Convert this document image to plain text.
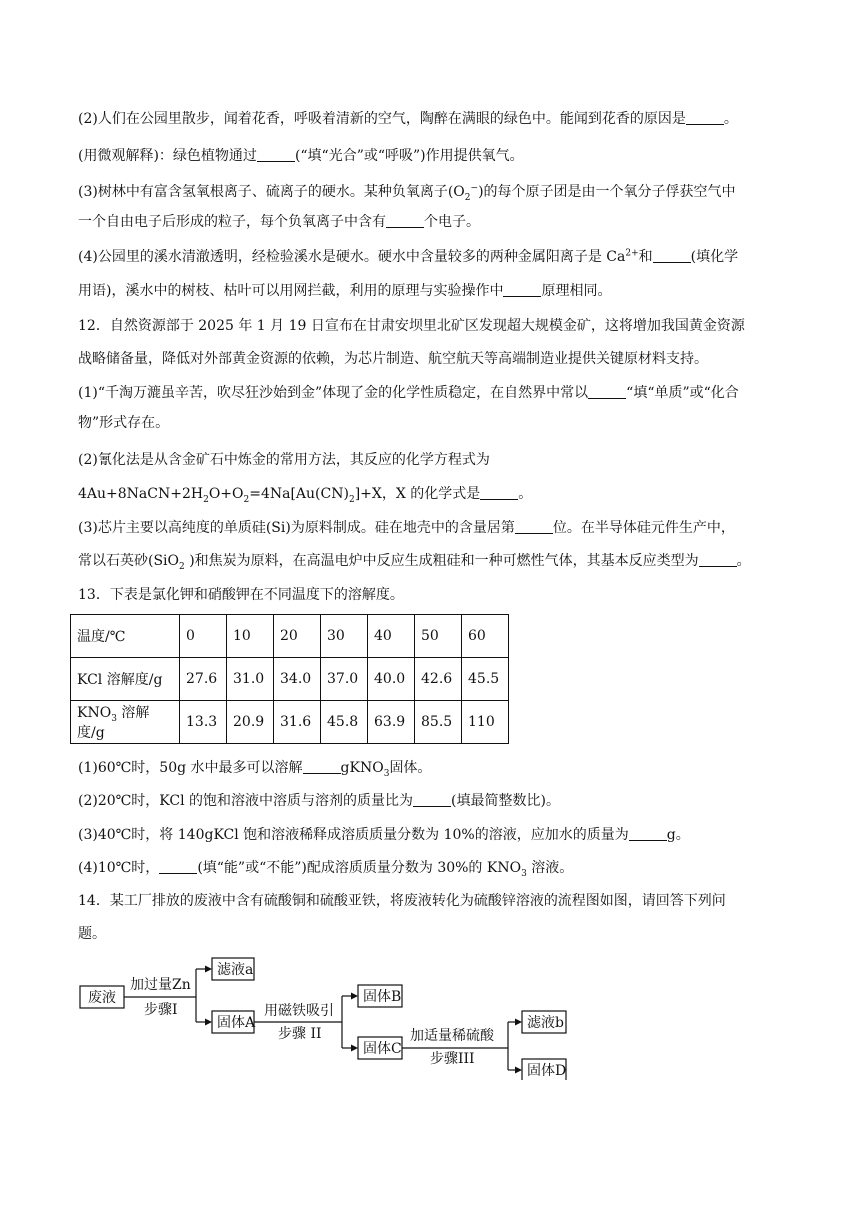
(2)人们在公园里散步，闻着花香，呼吸着清新的空气，陶醉在满眼的绿色中。能闻到花香的原因是	。
(用微观解释)：绿色植物通过	(“填“光合”或“呼吸”)作用提供氧气。
(3)树林中有富含氢氧根离子、硫离子的硬水。某种负氧离子$(O_2^-)$的每个原子团是由一个氧分子俘获空气中
一个自由电子后形成的粒子，每个负氧离子中含有	个电子。
(4)公园里的溪水清澈透明，经检验溪水是硬水。硬水中含量较多的两种金属阳离子是 $Ca^{2+}$和	(填化学
用语)，溪水中的树枝、枯叶可以用网拦截，利用的原理与实验操作中	原理相同。
12．自然资源部于 2025 年 1 月 19 日宣布在甘肃安坝里北矿区发现超大规模金矿，这将增加我国黄金资源
战略储备量，降低对外部黄金资源的依赖，为芯片制造、航空航天等高端制造业提供关键原材料支持。
(1)“千淘万漉虽辛苦，吹尽狂沙始到金”体现了金的化学性质稳定，在自然界中常以	“填“单质”或“化合
物”形式存在。
(2)氰化法是从含金矿石中炼金的常用方法，其反应的化学方程式为
$4Au+8NaCN+2H_2O+O_2=4Na[Au(CN)_2]+X$，X 的化学式是	。
(3)芯片主要以高纯度的单质硅(Si)为原料制成。硅在地壳中的含量居第	位。在半导体硅元件生产中，
常以石英砂(SiO$_2$ )和焦炭为原料，在高温电炉中反应生成粗硅和一种可燃性气体，其基本反应类型为	。
13．下表是氯化钾和硝酸钾在不同温度下的溶解度。
温度/℃	0	10	20	30	40	50	60
KCl 溶解度/g	27.6	31.0	34.0	37.0	40.0	42.6	45.5
$KNO_3$ 溶解度/g	13.3	20.9	31.6	45.8	63.9	85.5	110
(1)60℃时，50g 水中最多可以溶解	gKNO$_3$固体。
(2)20℃时，KCl 的饱和溶液中溶质与溶剂的质量比为	(填最简整数比)。
(3)40℃时，将 140gKCl 饱和溶液稀释成溶质质量分数为 10%的溶液，应加水的质量为	g。
(4)10℃时，	(填“能”或“不能”)配成溶质质量分数为 30%的 $KNO_3$ 溶液。
14．某工厂排放的废液中含有硫酸铜和硫酸亚铁，将废液转化为硫酸锌溶液的流程图如图，请回答下列问
题。
废液
加过量Zn
步骤I
滤液a
固体A
用磁铁吸引
步骤 II
固体B
固体C
加适量稀硫酸
步骤III
滤液b
固体D
